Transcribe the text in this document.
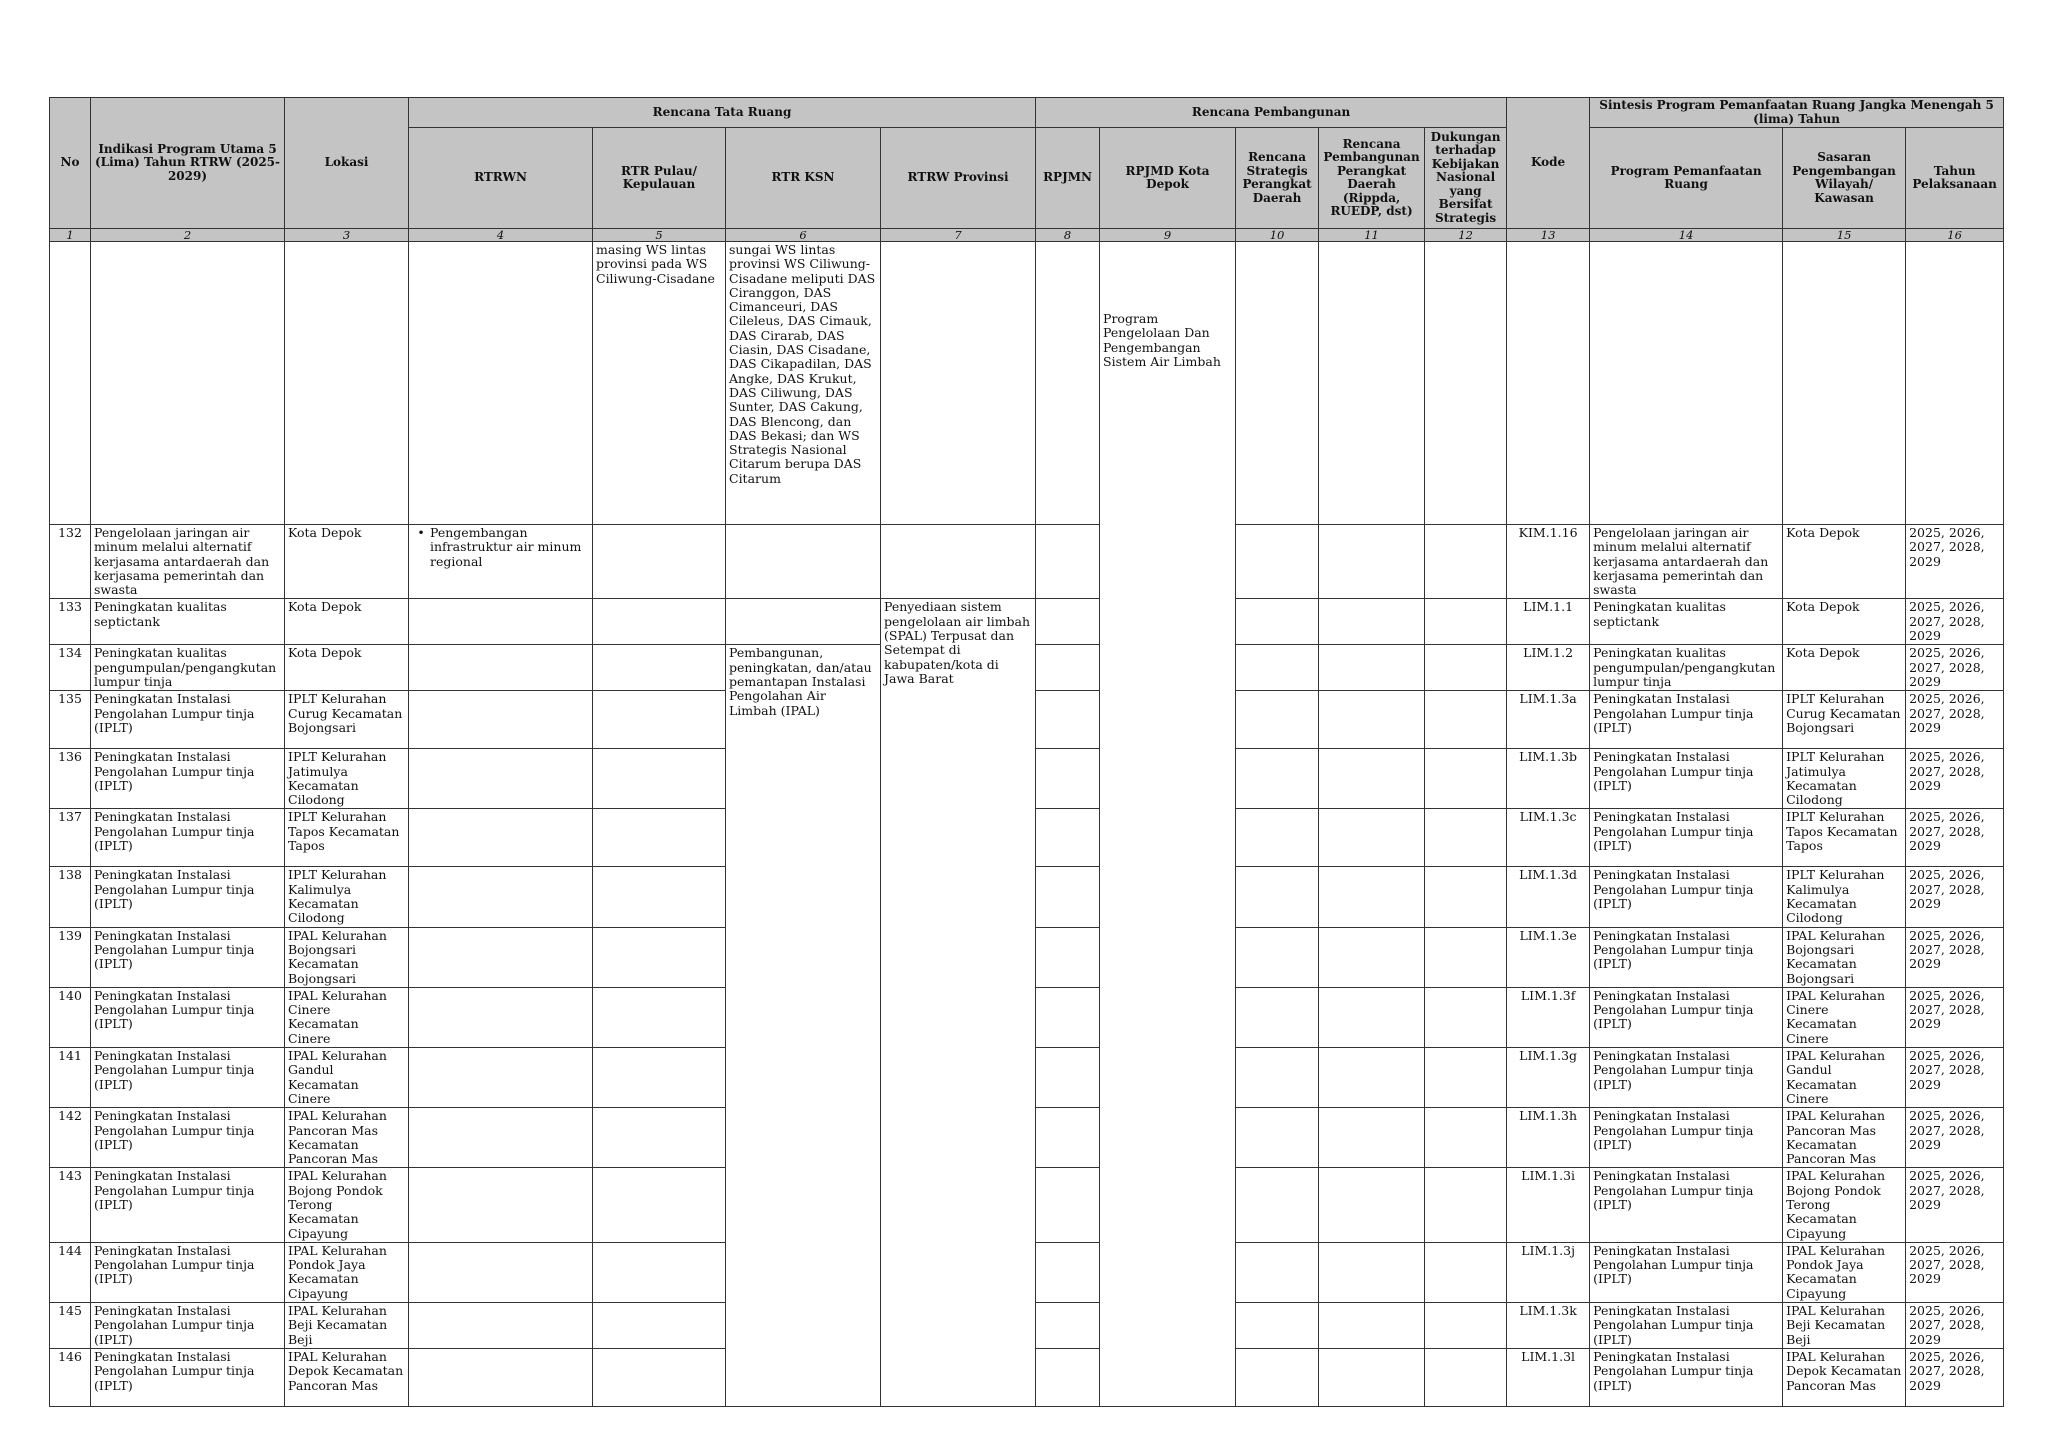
No	Indikasi Program Utama 5 (Lima) Tahun RTRW (2025-2029)	Lokasi	Rencana Tata Ruang				Rencana Pembangunan					Kode	Sintesis Program Pemanfaatan Ruang Jangka Menengah 5 (lima) Tahun		
			RTRWN	RTR Pulau/ Kepulauan	RTR KSN	RTRW Provinsi	RPJMN	RPJMD Kota Depok	Rencana Strategis Perangkat Daerah	Rencana Pembangunan Perangkat Daerah (Rippda, RUEDP, dst)	Dukungan terhadap Kebijakan Nasional yang Bersifat Strategis		Program Pemanfaatan Ruang	Sasaran Pengembangan Wilayah/ Kawasan	Tahun Pelaksanaan
1	2	3	4	5	6	7	8	9	10	11	12	13	14	15	16
				masing WS lintas provinsi pada WS Ciliwung-Cisadane	sungai WS lintas provinsi WS Ciliwung-Cisadane meliputi DAS Ciranggon, DAS Cimanceuri, DAS Cileleus, DAS Cimauk, DAS Cirarab, DAS Ciasin, DAS Cisadane, DAS Cikapadilan, DAS Angke, DAS Krukut, DAS Ciliwung, DAS Sunter, DAS Cakung, DAS Blencong, dan DAS Bekasi; dan WS Strategis Nasional Citarum berupa DAS Citarum			Program Pengelolaan Dan Pengembangan Sistem Air Limbah							
132	Pengelolaan jaringan air minum melalui alternatif kerjasama antardaerah dan kerjasama pemerintah dan swasta	Kota Depok	• Pengembangan infrastruktur air minum regional									KIM.1.16	Pengelolaan jaringan air minum melalui alternatif kerjasama antardaerah dan kerjasama pemerintah dan swasta	Kota Depok	2025, 2026, 2027, 2028, 2029
133	Peningkatan kualitas septictank	Kota Depok				Penyediaan sistem pengelolaan air limbah (SPAL) Terpusat dan Setempat di kabupaten/kota di Jawa Barat						LIM.1.1	Peningkatan kualitas septictank	Kota Depok	2025, 2026, 2027, 2028, 2029
134	Peningkatan kualitas pengumpulan/pengangkutan lumpur tinja	Kota Depok			Pembangunan, peningkatan, dan/atau pemantapan Instalasi Pengolahan Air Limbah (IPAL)							LIM.1.2	Peningkatan kualitas pengumpulan/pengangkutan lumpur tinja	Kota Depok	2025, 2026, 2027, 2028, 2029
135	Peningkatan Instalasi Pengolahan Lumpur tinja (IPLT)	IPLT Kelurahan Curug Kecamatan Bojongsari										LIM.1.3a	Peningkatan Instalasi Pengolahan Lumpur tinja (IPLT)	IPLT Kelurahan Curug Kecamatan Bojongsari	2025, 2026, 2027, 2028, 2029
136	Peningkatan Instalasi Pengolahan Lumpur tinja (IPLT)	IPLT Kelurahan Jatimulya Kecamatan Cilodong										LIM.1.3b	Peningkatan Instalasi Pengolahan Lumpur tinja (IPLT)	IPLT Kelurahan Jatimulya Kecamatan Cilodong	2025, 2026, 2027, 2028, 2029
137	Peningkatan Instalasi Pengolahan Lumpur tinja (IPLT)	IPLT Kelurahan Tapos Kecamatan Tapos										LIM.1.3c	Peningkatan Instalasi Pengolahan Lumpur tinja (IPLT)	IPLT Kelurahan Tapos Kecamatan Tapos	2025, 2026, 2027, 2028, 2029
138	Peningkatan Instalasi Pengolahan Lumpur tinja (IPLT)	IPLT Kelurahan Kalimulya Kecamatan Cilodong										LIM.1.3d	Peningkatan Instalasi Pengolahan Lumpur tinja (IPLT)	IPLT Kelurahan Kalimulya Kecamatan Cilodong	2025, 2026, 2027, 2028, 2029
139	Peningkatan Instalasi Pengolahan Lumpur tinja (IPLT)	IPAL Kelurahan Bojongsari Kecamatan Bojongsari										LIM.1.3e	Peningkatan Instalasi Pengolahan Lumpur tinja (IPLT)	IPAL Kelurahan Bojongsari Kecamatan Bojongsari	2025, 2026, 2027, 2028, 2029
140	Peningkatan Instalasi Pengolahan Lumpur tinja (IPLT)	IPAL Kelurahan Cinere Kecamatan Cinere										LIM.1.3f	Peningkatan Instalasi Pengolahan Lumpur tinja (IPLT)	IPAL Kelurahan Cinere Kecamatan Cinere	2025, 2026, 2027, 2028, 2029
141	Peningkatan Instalasi Pengolahan Lumpur tinja (IPLT)	IPAL Kelurahan Gandul Kecamatan Cinere										LIM.1.3g	Peningkatan Instalasi Pengolahan Lumpur tinja (IPLT)	IPAL Kelurahan Gandul Kecamatan Cinere	2025, 2026, 2027, 2028, 2029
142	Peningkatan Instalasi Pengolahan Lumpur tinja (IPLT)	IPAL Kelurahan Pancoran Mas Kecamatan Pancoran Mas										LIM.1.3h	Peningkatan Instalasi Pengolahan Lumpur tinja (IPLT)	IPAL Kelurahan Pancoran Mas Kecamatan Pancoran Mas	2025, 2026, 2027, 2028, 2029
143	Peningkatan Instalasi Pengolahan Lumpur tinja (IPLT)	IPAL Kelurahan Bojong Pondok Terong Kecamatan Cipayung										LIM.1.3i	Peningkatan Instalasi Pengolahan Lumpur tinja (IPLT)	IPAL Kelurahan Bojong Pondok Terong Kecamatan Cipayung	2025, 2026, 2027, 2028, 2029
144	Peningkatan Instalasi Pengolahan Lumpur tinja (IPLT)	IPAL Kelurahan Pondok Jaya Kecamatan Cipayung										LIM.1.3j	Peningkatan Instalasi Pengolahan Lumpur tinja (IPLT)	IPAL Kelurahan Pondok Jaya Kecamatan Cipayung	2025, 2026, 2027, 2028, 2029
145	Peningkatan Instalasi Pengolahan Lumpur tinja (IPLT)	IPAL Kelurahan Beji Kecamatan Beji										LIM.1.3k	Peningkatan Instalasi Pengolahan Lumpur tinja (IPLT)	IPAL Kelurahan Beji Kecamatan Beji	2025, 2026, 2027, 2028, 2029
146	Peningkatan Instalasi Pengolahan Lumpur tinja (IPLT)	IPAL Kelurahan Depok Kecamatan Pancoran Mas										LIM.1.3l	Peningkatan Instalasi Pengolahan Lumpur tinja (IPLT)	IPAL Kelurahan Depok Kecamatan Pancoran Mas	2025, 2026, 2027, 2028, 2029
